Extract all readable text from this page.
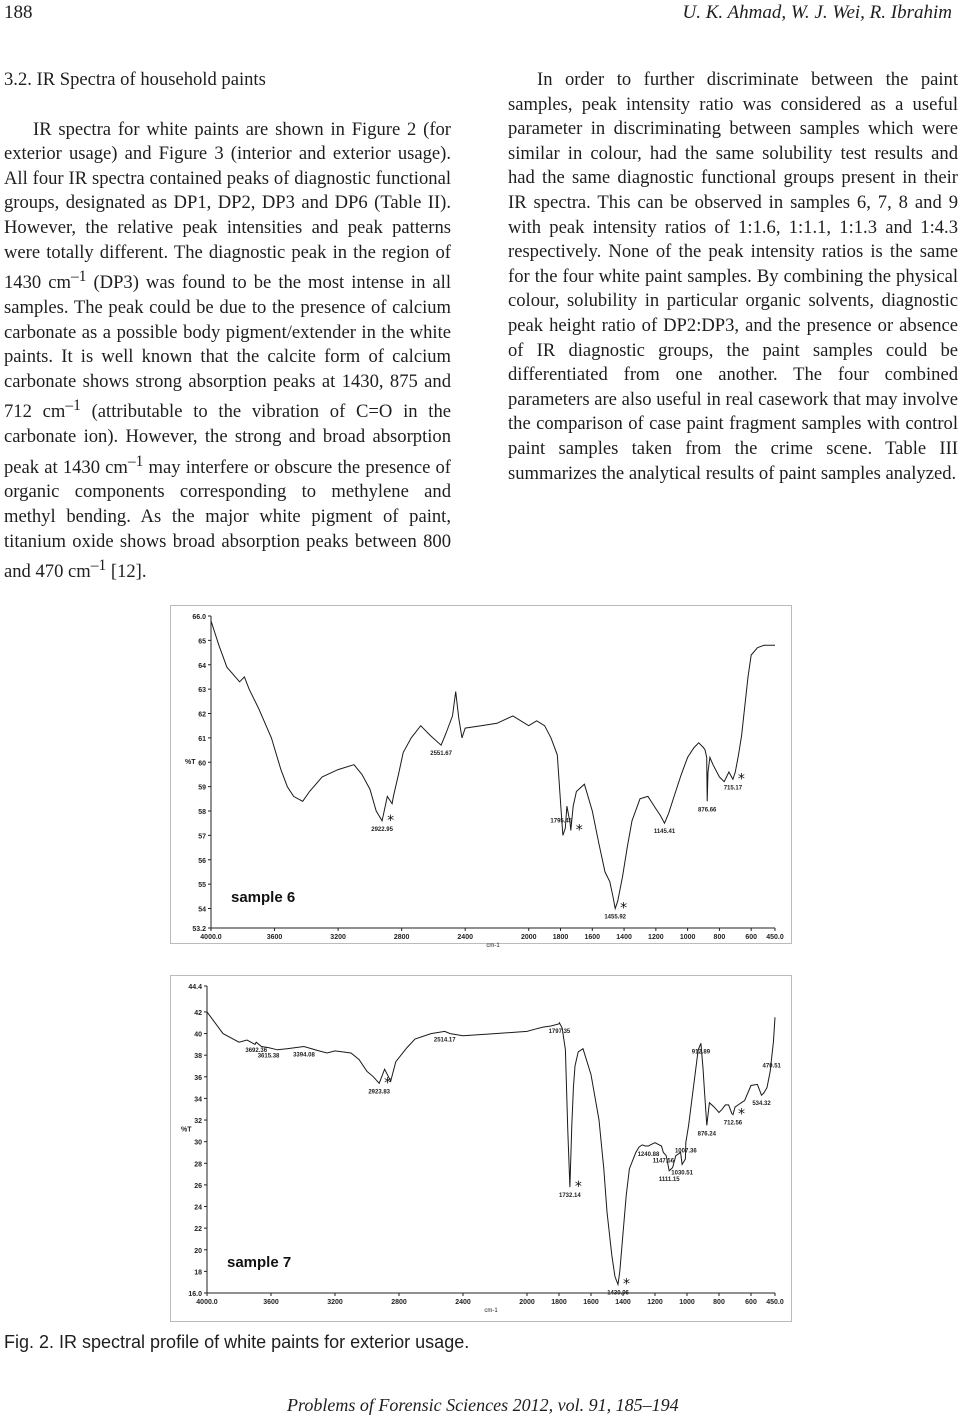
188	U. K. Ahmad, W. J. Wei, R. Ibrahim

3.2. IR Spectra of household paints

IR spectra for white paints are shown in Figure 2 (for exterior usage) and Figure 3 (interior and exterior usage). All four IR spectra contained peaks of diagnostic functional groups, designated as DP1, DP2, DP3 and DP6 (Table II). However, the relative peak intensities and peak patterns were totally different. The diagnostic peak in the region of 1430 $cm^{-1}$ (DP3) was found to be the most intense in all samples. The peak could be due to the presence of calcium carbonate as a possible body pigment/extender in the white paints. It is well known that the calcite form of calcium carbonate shows strong absorption peaks at 1430, 875 and 712 $cm^{-1}$ (attributable to the vibration of C=O in the carbonate ion). However, the strong and broad absorption peak at 1430 $cm^{-1}$ may interfere or obscure the presence of organic components corresponding to methylene and methyl bending. As the major white pigment of paint, titanium oxide shows broad absorption peaks between 800 and 470 $cm^{-1}$ [12].

In order to further discriminate between the paint samples, peak intensity ratio was considered as a useful parameter in discriminating between samples which were similar in colour, had the same solubility test results and had the same diagnostic functional groups present in their IR spectra. This can be observed in samples 6, 7, 8 and 9 with peak intensity ratios of 1:1.6, 1:1.1, 1:1.3 and 1:4.3 respectively. None of the peak intensity ratios is the same for the four white paint samples. By combining the physical colour, solubility in particular organic solvents, diagnostic peak height ratio of DP2:DP3, and the presence or absence of IR diagnostic groups, the paint samples could be differentiated from one another. The four combined parameters are also useful in real casework that may involve the comparison of case paint fragment samples with control paint samples taken from the crime scene. Table III summarizes the analytical results of paint samples analyzed.

66.0
65
64
63
62
61
60
59
58
57
56
55
54
53.2
4000.0	3600	3200	2800	2400	2000 1800 1600 1400 1200 1000	800	600 450.0
cm-1
%T
2922.95
2551.67
1795.45
1455.92
1145.41
876.66
715.17
*
*
*
*
sample 6
44.4
42
40
38
36
34
32
30
28
26
24
22
20
18
16.0
4000.0	3600	3200	2800	2400	2000 1800 1600 1400 1200 1000	800	600 450.0
cm-1
%T
3692.36
3615.38 3394.08
2923.83
2514.17
1797.35
1732.14
1430.96
1240.88
1147.56
1111.15
1030.51
1007.36
912.89
876.24
712.56
534.32
470.51
*
*
*
*
sample 7
Fig. 2. IR spectral profile of white paints for exterior usage.
Problems of Forensic Sciences 2012, vol. 91, 185–194
